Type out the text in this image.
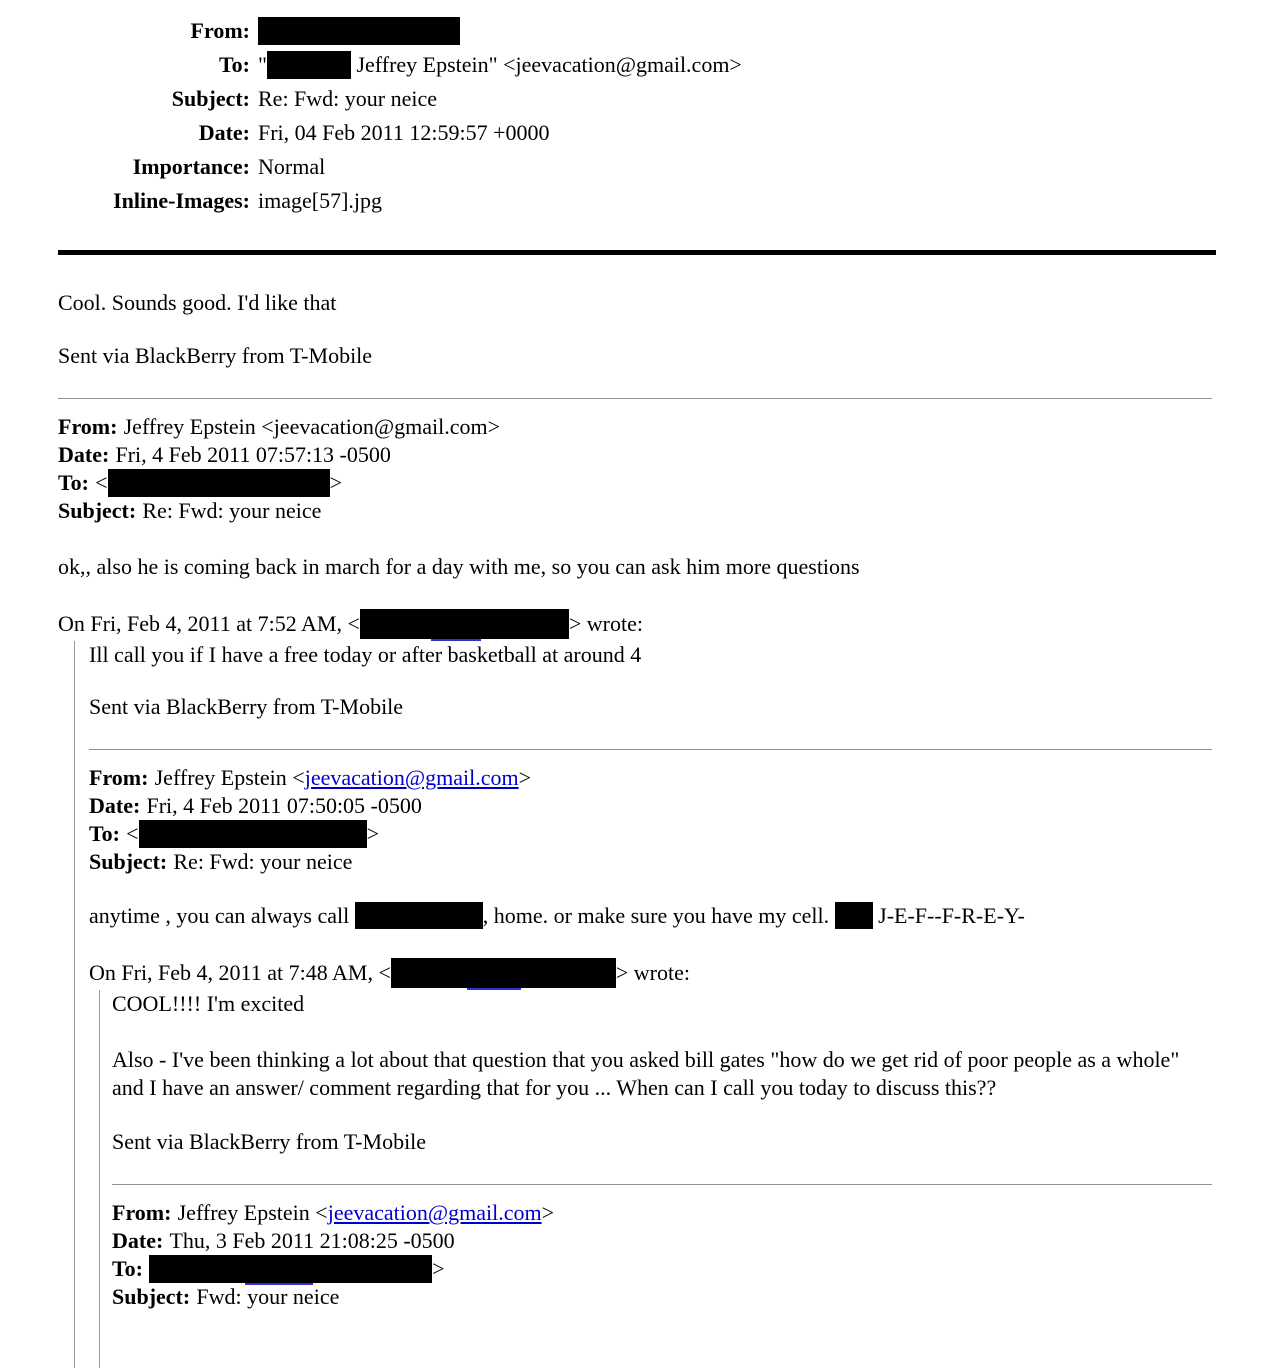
From:
To: "	Jeffrey Epstein" <jeevacation@gmail.com>
Subject: Re: Fwd: your neice
Date: Fri, 04 Feb 2011 12:59:57 +0000
Importance: Normal
Inline-Images: image[57].jpg

Cool. Sounds good. I'd like that

Sent via BlackBerry from T-Mobile

From: Jeffrey Epstein <jeevacation@gmail.com>
Date: Fri, 4 Feb 2011 07:57:13 -0500
To: <	>
Subject: Re: Fwd: your neice

ok,, also he is coming back in march for a day with me, so you can ask him more questions

On Fri, Feb 4, 2011 at 7:52 AM, <	> wrote:

Ill call you if I have a free today or after basketball at around 4

Sent via BlackBerry from T-Mobile

From: Jeffrey Epstein <jeevacation@gmail.com>
Date: Fri, 4 Feb 2011 07:50:05 -0500
To: <	>
Subject: Re: Fwd: your neice

anytime , you can always call	, home. or make sure you have my cell.  J-E-F--F-R-E-Y-

On Fri, Feb 4, 2011 at 7:48 AM, <	> wrote:

COOL!!!! I'm excited

Also - I've been thinking a lot about that question that you asked bill gates "how do we get rid of poor people as a whole" and I have an answer/ comment regarding that for you ... When can I call you today to discuss this??

Sent via BlackBerry from T-Mobile

From: Jeffrey Epstein <jeevacation@gmail.com>
Date: Thu, 3 Feb 2011 21:08:25 -0500
To:	>
Subject: Fwd: your neice
